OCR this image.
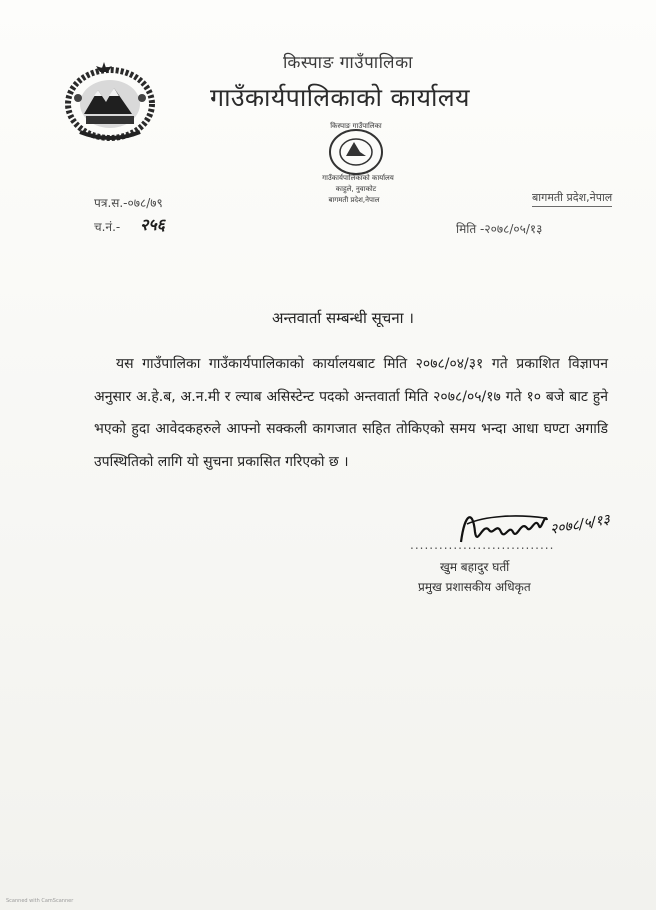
किस्पाङ गाउँपालिका
गाउँकार्यपालिकाको कार्यालय
किस्पाङ गाउँपालिका
गाउँकार्यपालिकाको कार्यालय
काहुले, नुवाकोट
बागमती प्रदेश,नेपाल
पत्र.स.-०७८/७९
च.नं.- २५६
बागमती प्रदेश,नेपाल
मिति -२०७८/०५/१३
अन्तवार्ता सम्बन्धी सूचना ।
यस गाउँपालिका गाउँकार्यपालिकाको कार्यालयबाट मिति २०७८/०४/३१ गते प्रकाशित विज्ञापन अनुसार अ.हे.ब, अ.न.मी र ल्याब असिस्टेन्ट पदको अन्तवार्ता मिति २०७८/०५/१७ गते १० बजे बाट हुने भएको हुदा आवेदकहरुले आफ्नो सक्कली कागजात सहित तोकिएको समय भन्दा आधा घण्टा अगाडि उपस्थितिको लागि यो सुचना प्रकासित गरिएको छ ।
२०७८/५/१३
..............................
खुम बहादुर घर्ती
प्रमुख प्रशासकीय अधिकृत
Scanned with CamScanner
